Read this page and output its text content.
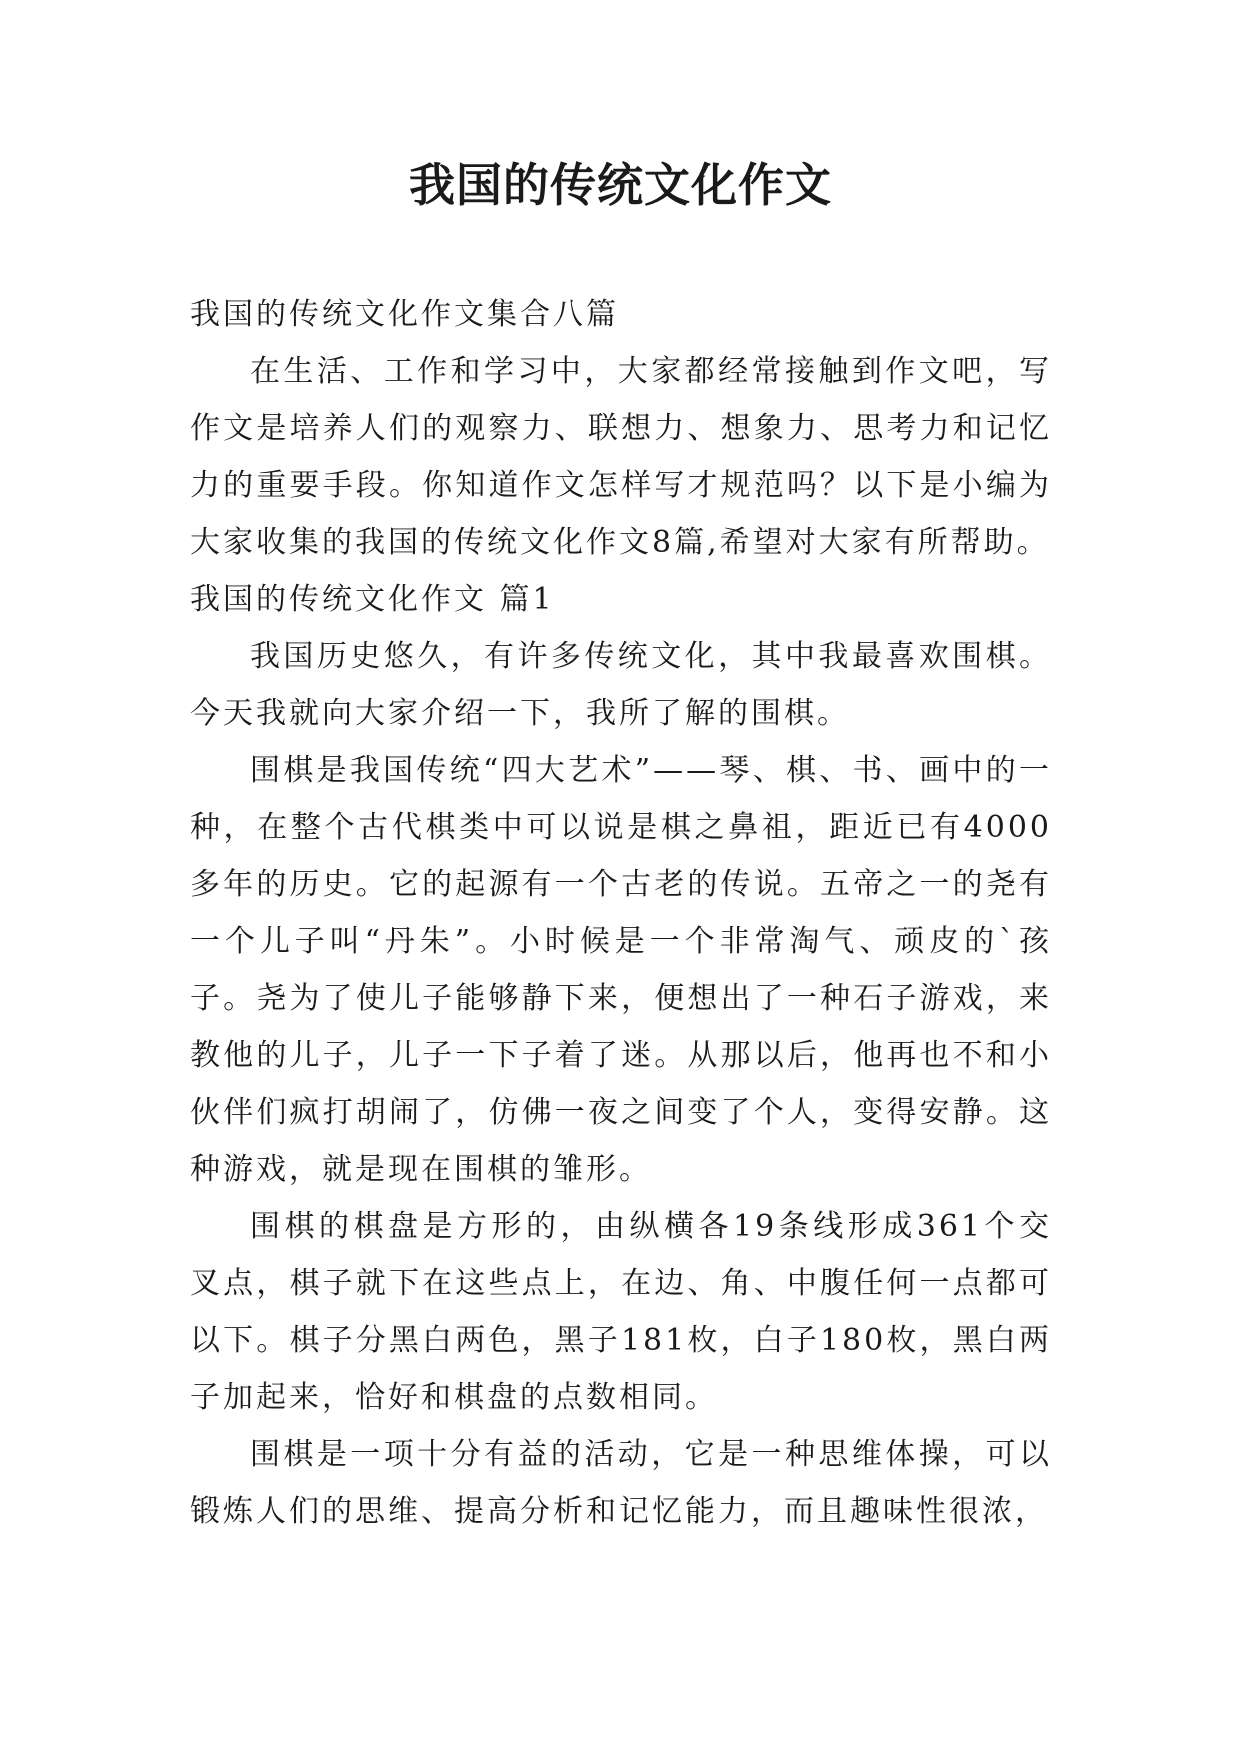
我国的传统文化作文

我国的传统文化作文集合八篇

在生活、工作和学习中，大家都经常接触到作文吧，写作文是培养人们的观察力、联想力、想象力、思考力和记忆力的重要手段。你知道作文怎样写才规范吗？以下是小编为大家收集的我国的传统文化作文8篇,希望对大家有所帮助。

我国的传统文化作文 篇1

我国历史悠久，有许多传统文化，其中我最喜欢围棋。今天我就向大家介绍一下，我所了解的围棋。

围棋是我国传统“四大艺术”——琴、棋、书、画中的一种，在整个古代棋类中可以说是棋之鼻祖，距近已有4000多年的历史。它的起源有一个古老的传说。五帝之一的尧有一个儿子叫“丹朱”。小时候是一个非常淘气、顽皮的`孩子。尧为了使儿子能够静下来，便想出了一种石子游戏，来教他的儿子，儿子一下子着了迷。从那以后，他再也不和小伙伴们疯打胡闹了，仿佛一夜之间变了个人，变得安静。这种游戏，就是现在围棋的雏形。

围棋的棋盘是方形的，由纵横各19条线形成361个交叉点，棋子就下在这些点上，在边、角、中腹任何一点都可以下。棋子分黑白两色，黑子181枚，白子180枚，黑白两子加起来，恰好和棋盘的点数相同。

围棋是一项十分有益的活动，它是一种思维体操，可以锻炼人们的思维、提高分析和记忆能力，而且趣味性很浓，
